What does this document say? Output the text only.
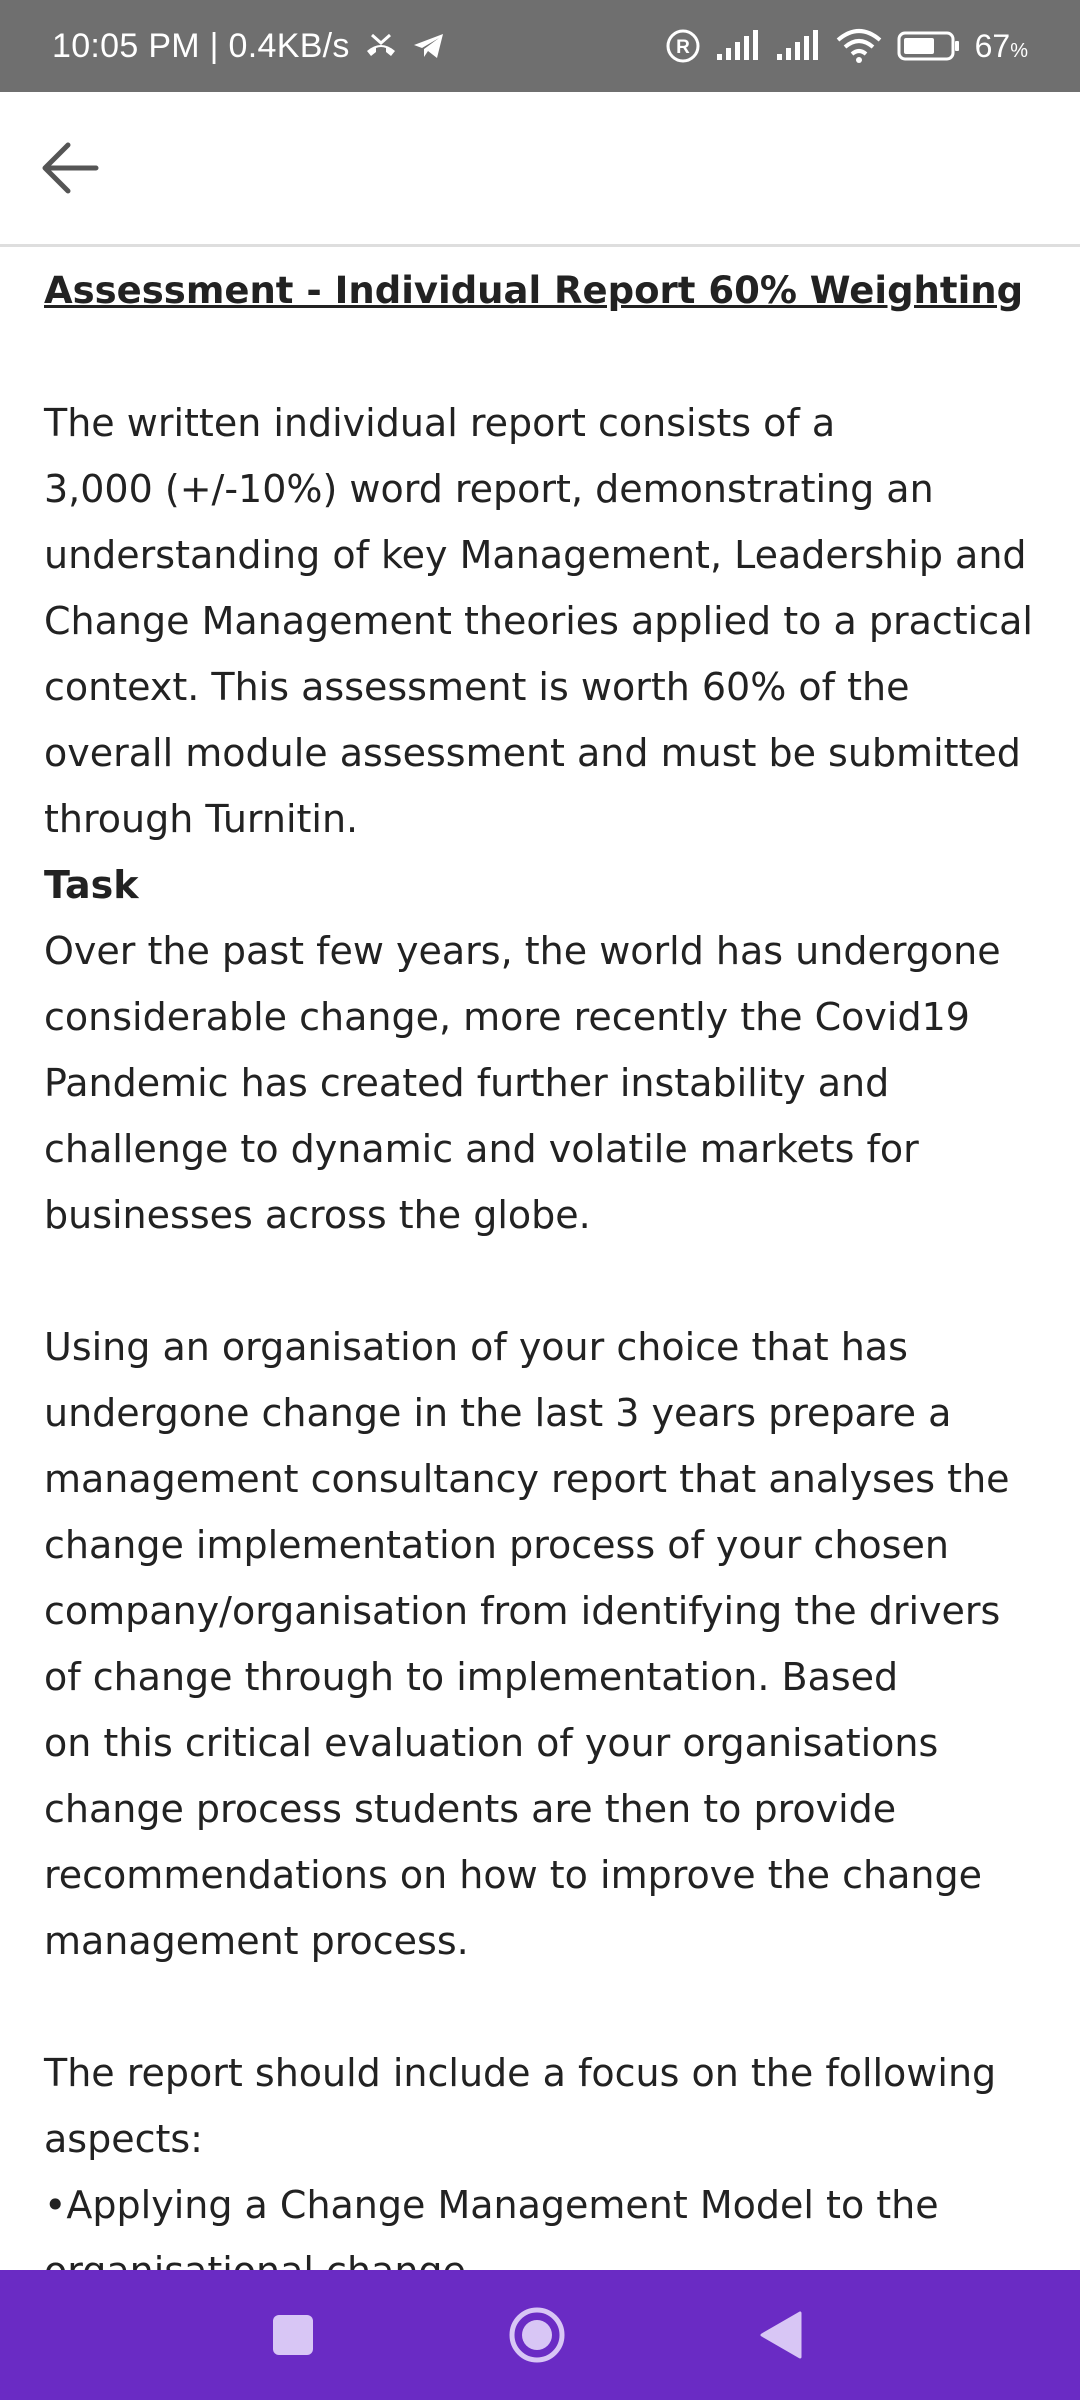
10:05 PM | 0.4KB/s	R	67%

Assessment - Individual Report 60% Weighting

The written individual report consists of a
3,000 (+/-10%) word report, demonstrating an
understanding of key Management, Leadership and
Change Management theories applied to a practical
context. This assessment is worth 60% of the
overall module assessment and must be submitted
through Turnitin.

Task

Over the past few years, the world has undergone
considerable change, more recently the Covid19
Pandemic has created further instability and
challenge to dynamic and volatile markets for
businesses across the globe.

Using an organisation of your choice that has
undergone change in the last 3 years prepare a
management consultancy report that analyses the
change implementation process of your chosen
company/organisation from identifying the drivers
of change through to implementation. Based
on this critical evaluation of your organisations
change process students are then to provide
recommendations on how to improve the change
management process.

The report should include a focus on the following
aspects:

•Applying a Change Management Model to the
